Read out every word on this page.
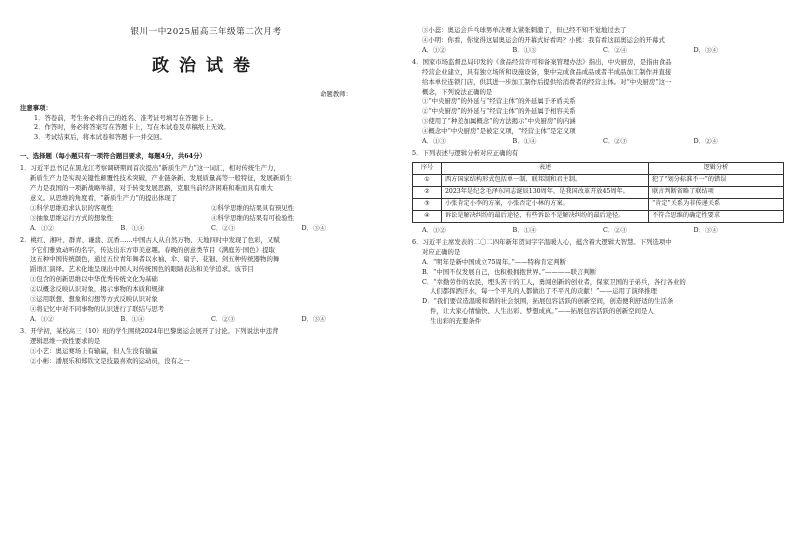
银川一中2025届高三年级第二次月考
政治试卷
命题教师：
注意事项：
1．答卷前，考生务必将自己的姓名、准考证号填写在答题卡上。
2．作答时，务必将答案写在答题卡上，写在本试卷及草稿纸上无效。
3．考试结束后，将本试卷和答题卡一并交回。
一、选择题（每小题只有一项符合题目要求，每题4分，共64分）

1．习近平总书记在黑龙江考察调研期间首次提出“新质生产力”这一词汇，相对传统生产力，

新质生产力是实现关键性颠覆性技术突破，产业链条新、发展质量高等一般特征，发展新质生

产力是我国的一项新战略举措，对于转变发展思路，克服当前经济困难和难而具有重大

意义。从思维的角度看，“新质生产力”的提出体现了

①科学思维追求认识的客观性	②科学思维的结果具有预见性
③抽象思维运行方式的想象性	④科学思维的结果有可检验性
A．①②	B．①④	C．②③	D．③④

2．桃红、湘叶、群青、谦翡、沉香……中国古人从自然万物、天地四时中发现了色彩，又赋

予它们雅致动听的名字，传达出东方审美意趣。春晚的创意类节目《满庭芳·国色》提取

这五种中国传统颜色，通过五位青年舞者以水袖、伞、扇子、花钿、剑五种传统器物的舞

蹈语汇演绎。艺术化地呈现出中国人对传统国色的眼睛表达和美学追求。该节目

①包含的创新思维以中华优秀传统文化为基础

②以概念反映认识对象，揭示事物的本质和规律

③运用联想、想象和幻想等方式反映认识对象

④将记忆中对不同事物的认识进行了联结与思考

A．①②	B．①④	C．②③	D．③④

3．开学初，某校高三（10）班的学生围绕2024年巴黎奥运会展开了讨论。下列说法中违背

逻辑思维一致性要求的是

①小艺：奥运赛场上有输赢，但人生没有输赢

②小彬：潘展乐和郑钦文是技最喜欢的运动员，没有之一

③小蕊：奥运会乒乓球男单决赛太紧张刺激了，但已经不知不觉地过去了

④小明：你看，你觉得这届奥运会的开幕式好看吗？小熊：我有看这届奥运会的开幕式

A．①②	B．①③	C．②④	D．③④

4．国家市场监督总局印发的《食品经营许可和备案管理办法》指出，中央厨房，是指由食品

经营企业建立，具有独立场所和设施设备，集中完成食品成品或者半成品加工制作并直接

给本单位连锁门店，供其进一步加工制作后提供给消费者的经营主体。对“中央厨房”这一

概念，下列说法正确的是

①“中央厨房”的外延与“经营主体”的外延属于矛盾关系

②“中央厨房”的外延与“经营主体”的外延属于相容关系

③使用了“种差加属概念”的方法揭示“中央厨房”的内涵

④概念中“中央厨房”是被定义项，“经营主体”是定义项

A．①③	B．①④	C．②③	D．②④

5．下列表述与逻辑分析对应正确的有

序号	表述	逻辑分析
①	西方国家结构形式包括单一制、联邦制和君主制。	犯了“划分标准不一”的错误
②	2023年是纪念毛泽东同志诞辰130周年，是我国改革开放45周年。	联言判断省略了联结项
③	小张肯定小李的方案，小张否定小林的方案。	“肯定”关系为非传递关系
④	诉讼是解决纠纷的最后途径，有些诉讼不是解决纠纷的最后途径。	不符合思维的确定性要求
A．①②	B．①④	C．②③	D．③④

6．习近平主席发表的二〇二四年新年贺词字字温暖人心，蕴含着大逻辑大智慧。下列选项中

对应正确的是

A．“明年是新中国成立75周年。”——特称肯定判断

B．“中国不仅发展自己，也积极拥抱世界。”————联言判断

C．“幸勤劳作的农民，埋头苦干的工人，勇闯创新的创业者，保家卫国的子弟兵，各行各业的

人们都挥洒汗水，每一个平凡的人都做出了不平凡的贡献！”——运用了演绎推理

D．“我们要营造温暖和谐的社会氛围，拓展包容活跃的创新空间，创造便利舒适的生活条

件，让大家心情愉快、人生出彩、梦想成真。”——拓展包容活跃的创新空间是人

生出彩的充要条件
